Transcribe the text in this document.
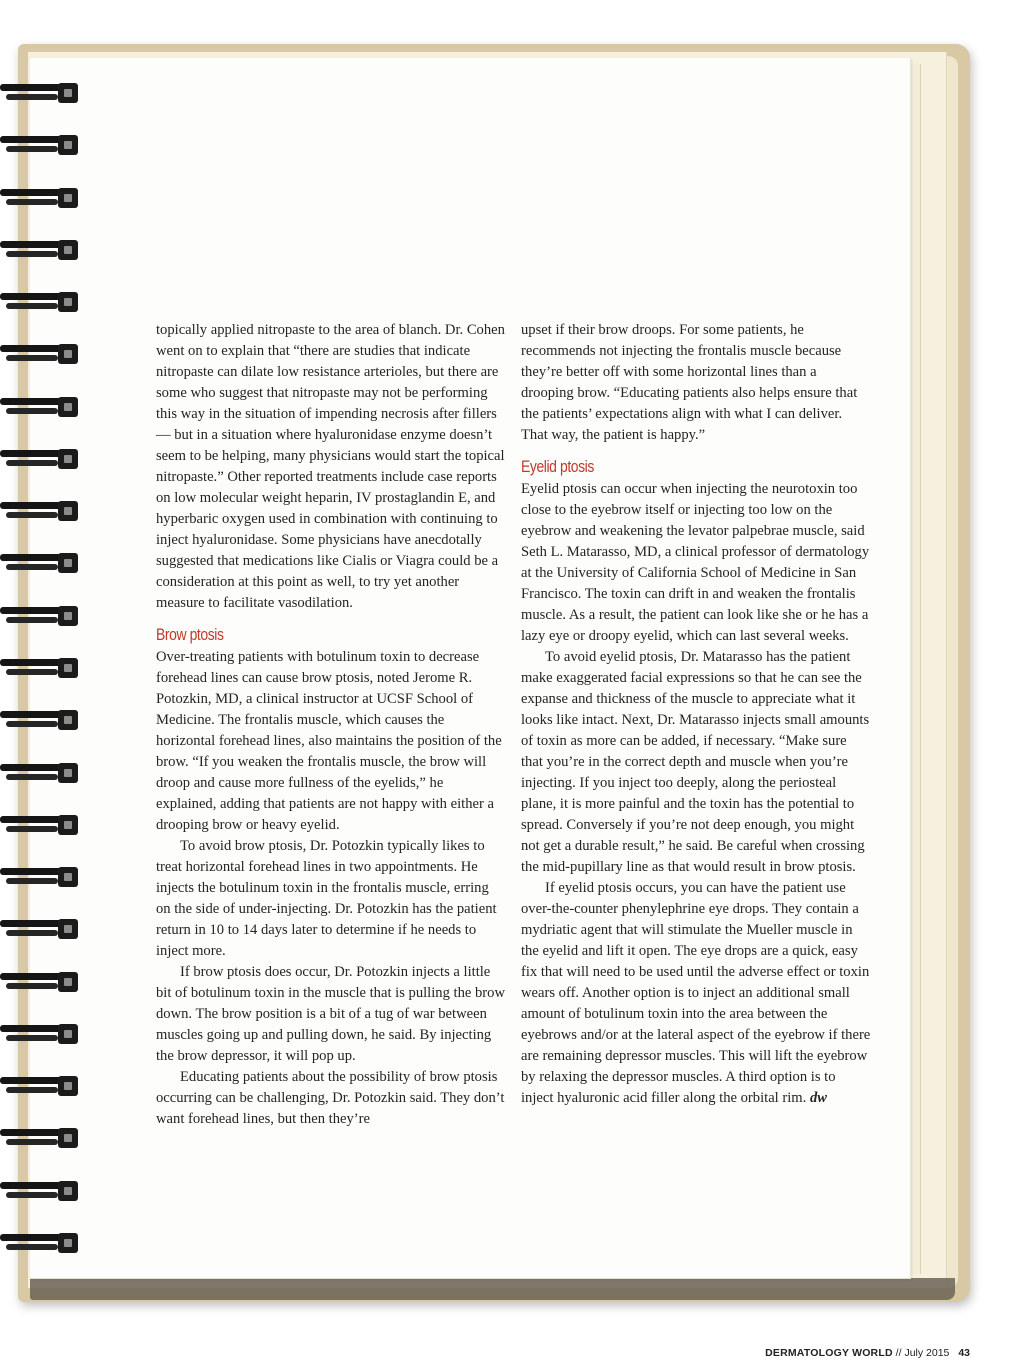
topically applied nitropaste to the area of blanch. Dr. Cohen went on to explain that “there are studies that indicate nitropaste can dilate low resistance arterioles, but there are some who suggest that nitropaste may not be performing this way in the situation of impending necrosis after fillers — but in a situation where hyaluronidase enzyme doesn’t seem to be helping, many physicians would start the topical nitropaste.” Other reported treatments include case reports on low molecular weight heparin, IV prostaglandin E, and hyperbaric oxygen used in combination with continuing to inject hyaluronidase. Some physicians have anecdotally suggested that medications like Cialis or Viagra could be a consideration at this point as well, to try yet another measure to facilitate vasodilation.

Brow ptosis

Over-treating patients with botulinum toxin to decrease forehead lines can cause brow ptosis, noted Jerome R. Potozkin, MD, a clinical instructor at UCSF School of Medicine. The frontalis muscle, which causes the horizontal forehead lines, also maintains the position of the brow. “If you weaken the frontalis muscle, the brow will droop and cause more fullness of the eyelids,” he explained, adding that patients are not happy with either a drooping brow or heavy eyelid.

To avoid brow ptosis, Dr. Potozkin typically likes to treat horizontal forehead lines in two appointments. He injects the botulinum toxin in the frontalis muscle, erring on the side of under-injecting. Dr. Potozkin has the patient return in 10 to 14 days later to determine if he needs to inject more.

If brow ptosis does occur, Dr. Potozkin injects a little bit of botulinum toxin in the muscle that is pulling the brow down. The brow position is a bit of a tug of war between muscles going up and pulling down, he said. By injecting the brow depressor, it will pop up.

Educating patients about the possibility of brow ptosis occurring can be challenging, Dr. Potozkin said. They don’t want forehead lines, but then they’re

upset if their brow droops. For some patients, he recommends not injecting the frontalis muscle because they’re better off with some horizontal lines than a drooping brow. “Educating patients also helps ensure that the patients’ expectations align with what I can deliver. That way, the patient is happy.”

Eyelid ptosis

Eyelid ptosis can occur when injecting the neurotoxin too close to the eyebrow itself or injecting too low on the eyebrow and weakening the levator palpebrae muscle, said Seth L. Matarasso, MD, a clinical professor of dermatology at the University of California School of Medicine in San Francisco. The toxin can drift in and weaken the frontalis muscle. As a result, the patient can look like she or he has a lazy eye or droopy eyelid, which can last several weeks.

To avoid eyelid ptosis, Dr. Matarasso has the patient make exaggerated facial expressions so that he can see the expanse and thickness of the muscle to appreciate what it looks like intact. Next, Dr. Matarasso injects small amounts of toxin as more can be added, if necessary. “Make sure that you’re in the correct depth and muscle when you’re injecting. If you inject too deeply, along the periosteal plane, it is more painful and the toxin has the potential to spread. Conversely if you’re not deep enough, you might not get a durable result,” he said. Be careful when crossing the mid-pupillary line as that would result in brow ptosis.

If eyelid ptosis occurs, you can have the patient use over-the-counter phenylephrine eye drops. They contain a mydriatic agent that will stimulate the Mueller muscle in the eyelid and lift it open. The eye drops are a quick, easy fix that will need to be used until the adverse effect or toxin wears off. Another option is to inject an additional small amount of botulinum toxin into the area between the eyebrows and/or at the lateral aspect of the eyebrow if there are remaining depressor muscles. This will lift the eyebrow by relaxing the depressor muscles. A third option is to inject hyaluronic acid filler along the orbital rim. dw

DERMATOLOGY WORLD // July 2015 43
